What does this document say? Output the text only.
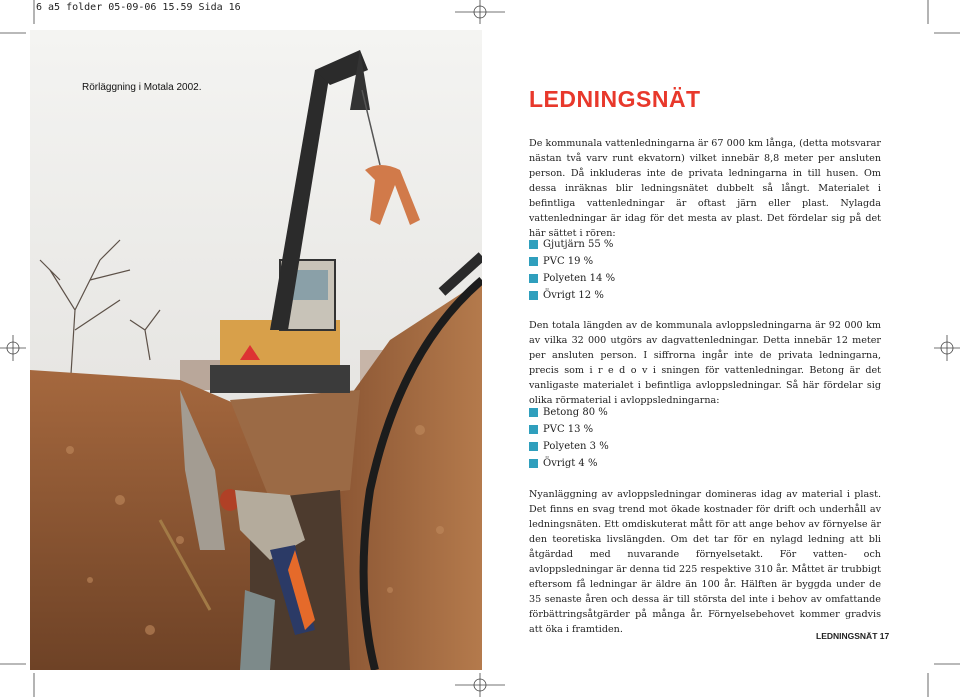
6 a5 folder 05-09-06 15.59 Sida 16
Rörläggning i Motala 2002.	LEDNINGSNÄT

De kommunala vattenledningarna är 67 000 km långa, (detta motsvarar nästan två varv runt ekvatorn) vilket innebär 8,8 meter per ansluten person. Då inkluderas inte de privata ledningarna in till husen. Om dessa inräknas blir ledningsnätet dubbelt så långt. Materialet i befintliga vattenledningar är oftast järn eller plast. Nylagda vattenledningar är idag för det mesta av plast. Det fördelar sig på det här sättet i rören:

Gjutjärn 55 %
PVC 19 %
Polyeten 14 %
Övrigt 12 %

Den totala längden av de kommunala avloppsledningarna är 92 000 km av vilka 32 000 utgörs av dagvattenledningar. Detta innebär 12 meter per ansluten person. I siffrorna ingår inte de privata ledningarna, precis som i r e d o v i sningen för vattenledningar. Betong är det vanligaste materialet i befintliga avloppsledningar. Så här fördelar sig olika rörmaterial i avloppsledningarna:

Betong 80 %
PVC 13 %
Polyeten 3 %
Övrigt 4 %

Nyanläggning av avloppsledningar domineras idag av material i plast. Det finns en svag trend mot ökade kostnader för drift och underhåll av ledningsnäten. Ett omdiskuterat mått för att ange behov av förnyelse är den teoretiska livslängden. Om det tar för en nylagd ledning att bli åtgärdad med nuvarande förnyelsetakt. För vatten- och avloppsledningar är denna tid 225 respektive 310 år. Måttet är trubbigt eftersom få ledningar är äldre än 100 år. Hälften är byggda under de 35 senaste åren och dessa är till största del inte i behov av omfattande förbättringsåtgärder på många år. Förnyelsebehovet kommer gradvis att öka i framtiden.

LEDNINGSNÄT 17
